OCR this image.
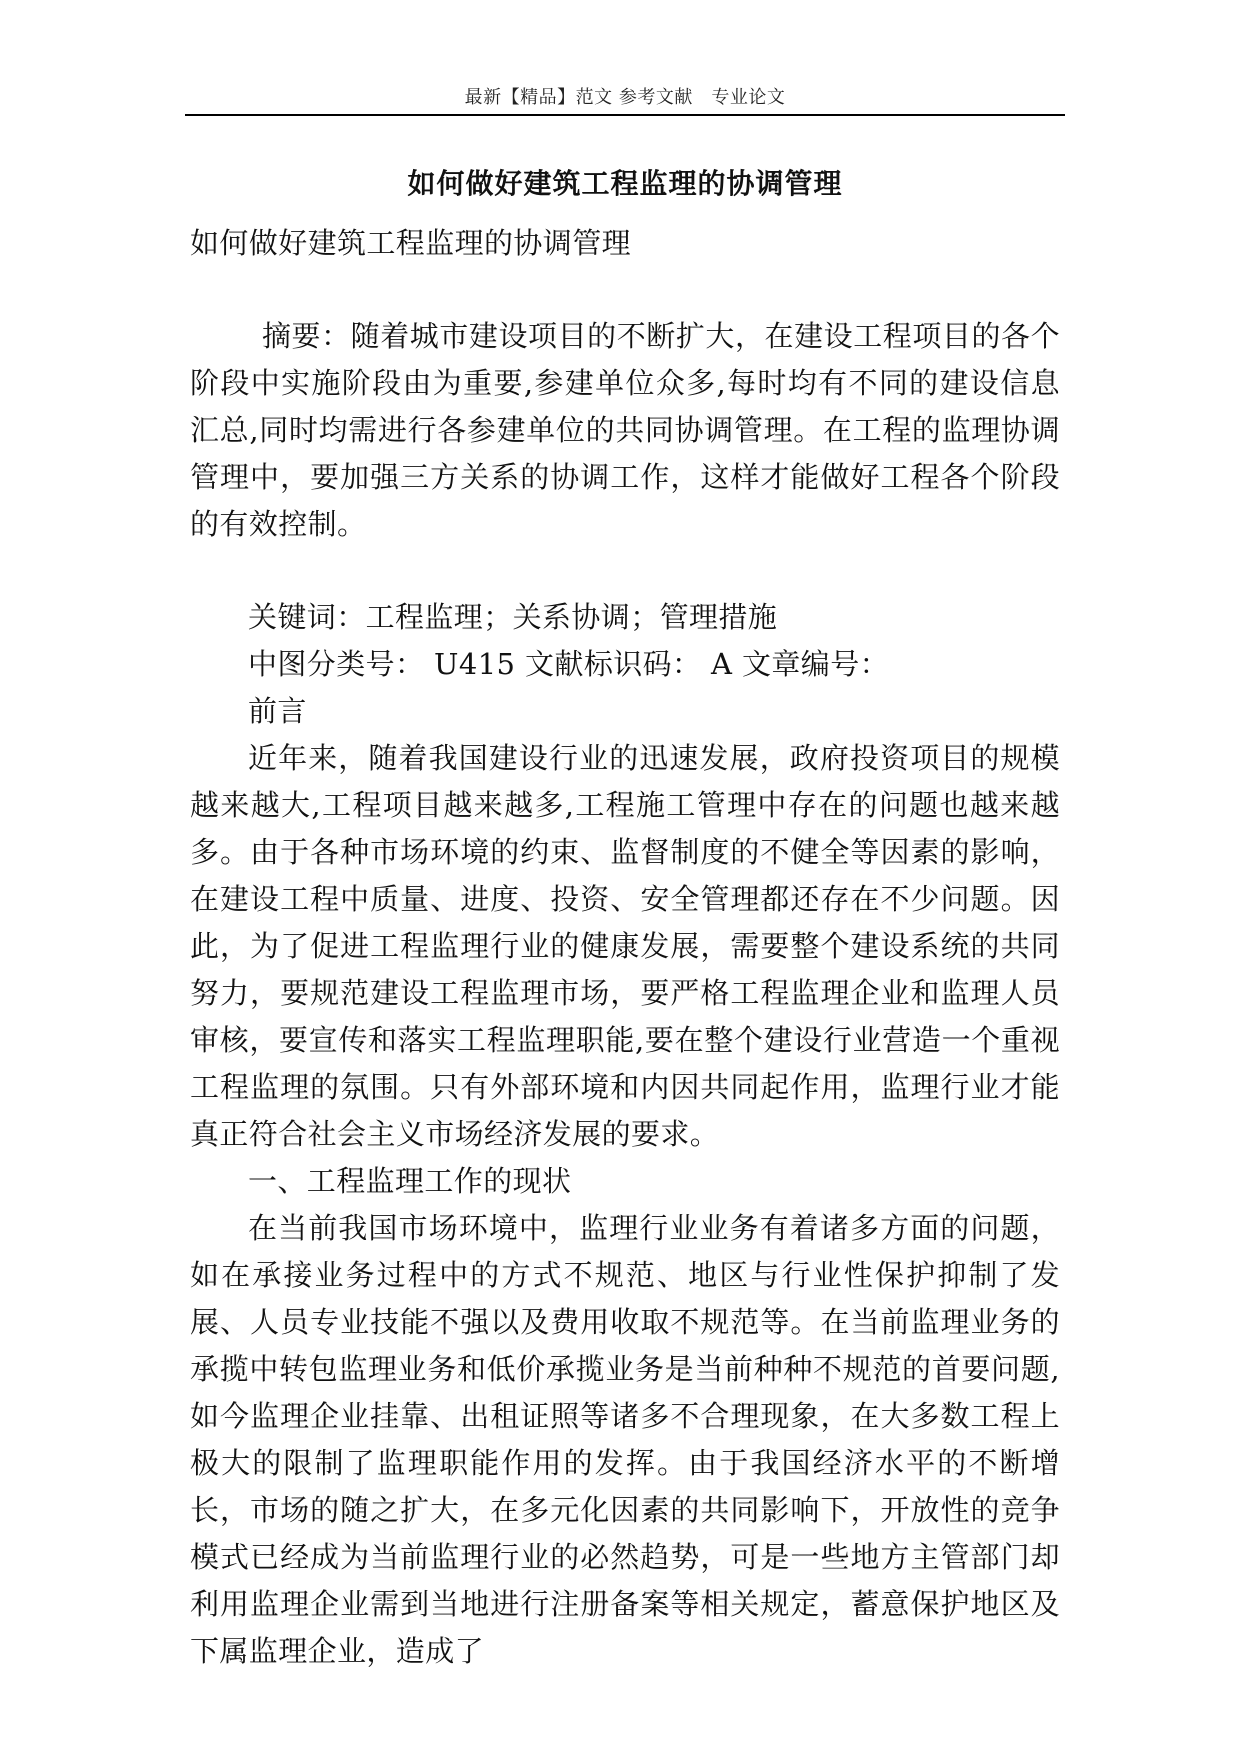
最新【精品】范文 参考文献　专业论文
如何做好建筑工程监理的协调管理

如何做好建筑工程监理的协调管理

摘要：随着城市建设项目的不断扩大，在建设工程项目的各个阶段中实施阶段由为重要,参建单位众多,每时均有不同的建设信息汇总,同时均需进行各参建单位的共同协调管理。在工程的监理协调管理中，要加强三方关系的协调工作，这样才能做好工程各个阶段的有效控制。

关键词：工程监理；关系协调；管理措施

中图分类号： U415 文献标识码： A 文章编号：

前言

近年来，随着我国建设行业的迅速发展，政府投资项目的规模越来越大,工程项目越来越多,工程施工管理中存在的问题也越来越多。由于各种市场环境的约束、监督制度的不健全等因素的影响，在建设工程中质量、进度、投资、安全管理都还存在不少问题。因此，为了促进工程监理行业的健康发展，需要整个建设系统的共同努力，要规范建设工程监理市场，要严格工程监理企业和监理人员审核，要宣传和落实工程监理职能,要在整个建设行业营造一个重视工程监理的氛围。只有外部环境和内因共同起作用，监理行业才能真正符合社会主义市场经济发展的要求。

一、工程监理工作的现状

在当前我国市场环境中，监理行业业务有着诸多方面的问题，如在承接业务过程中的方式不规范、地区与行业性保护抑制了发展、人员专业技能不强以及费用收取不规范等。在当前监理业务的承揽中转包监理业务和低价承揽业务是当前种种不规范的首要问题,如今监理企业挂靠、出租证照等诸多不合理现象，在大多数工程上极大的限制了监理职能作用的发挥。由于我国经济水平的不断增长，市场的随之扩大，在多元化因素的共同影响下，开放性的竞争模式已经成为当前监理行业的必然趋势，可是一些地方主管部门却利用监理企业需到当地进行注册备案等相关规定，蓄意保护地区及下属监理企业，造成了
